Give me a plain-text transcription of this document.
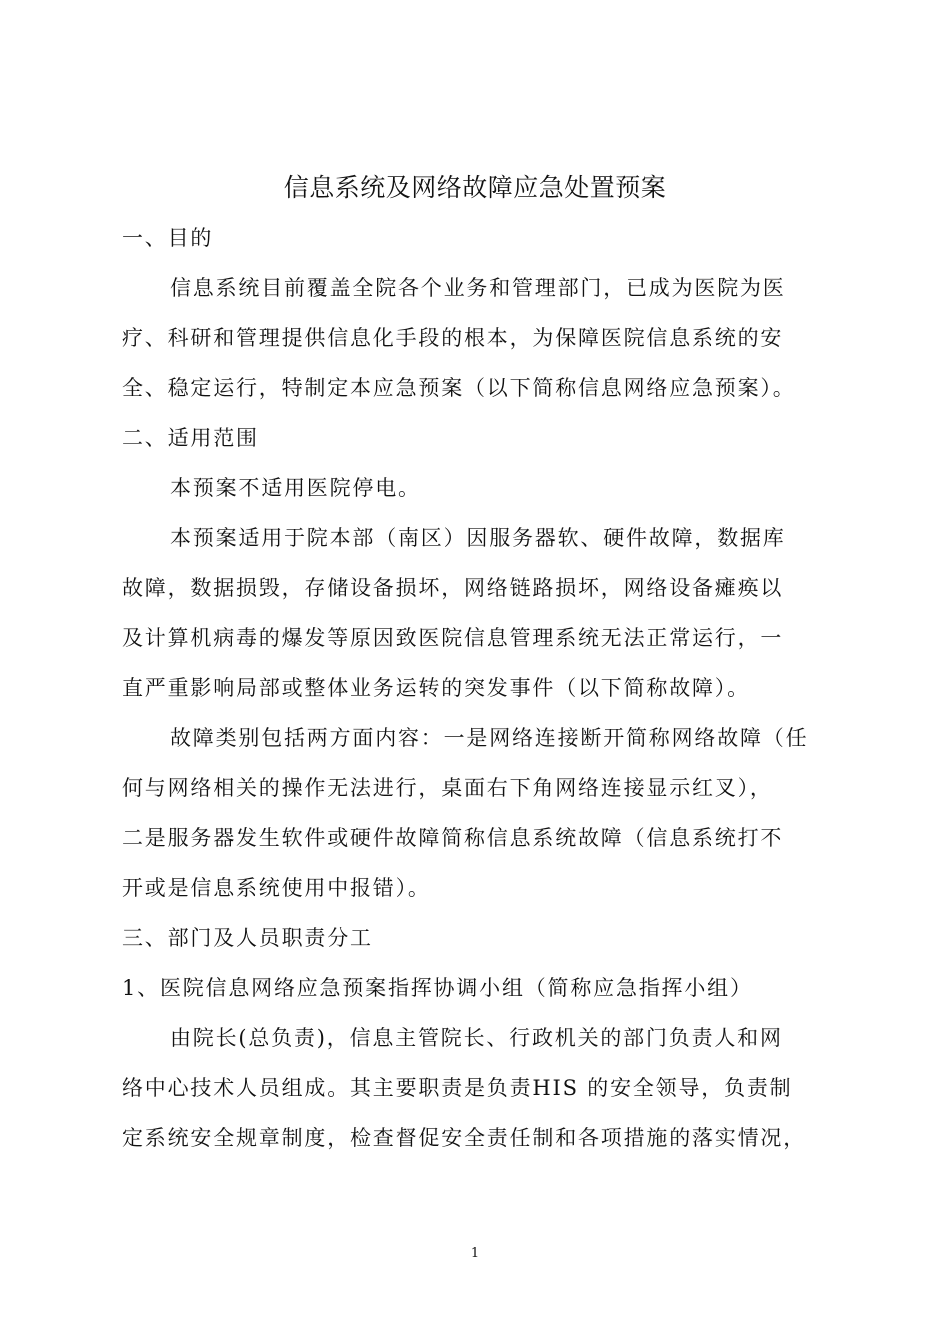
信息系统及网络故障应急处置预案
一、目的
信息系统目前覆盖全院各个业务和管理部门，已成为医院为医
疗、科研和管理提供信息化手段的根本，为保障医院信息系统的安
全、稳定运行，特制定本应急预案（以下简称信息网络应急预案）。
二、适用范围
本预案不适用医院停电。
本预案适用于院本部（南区）因服务器软、硬件故障，数据库
故障，数据损毁，存储设备损坏，网络链路损坏，网络设备瘫痪以
及计算机病毒的爆发等原因致医院信息管理系统无法正常运行，一
直严重影响局部或整体业务运转的突发事件（以下简称故障）。
故障类别包括两方面内容：一是网络连接断开简称网络故障（任
何与网络相关的操作无法进行，桌面右下角网络连接显示红叉），
二是服务器发生软件或硬件故障简称信息系统故障（信息系统打不
开或是信息系统使用中报错）。
三、部门及人员职责分工
1、医院信息网络应急预案指挥协调小组（简称应急指挥小组）
由院长(总负责)，信息主管院长、行政机关的部门负责人和网
络中心技术人员组成。其主要职责是负责HIS 的安全领导，负责制
定系统安全规章制度，检查督促安全责任制和各项措施的落实情况，
1
